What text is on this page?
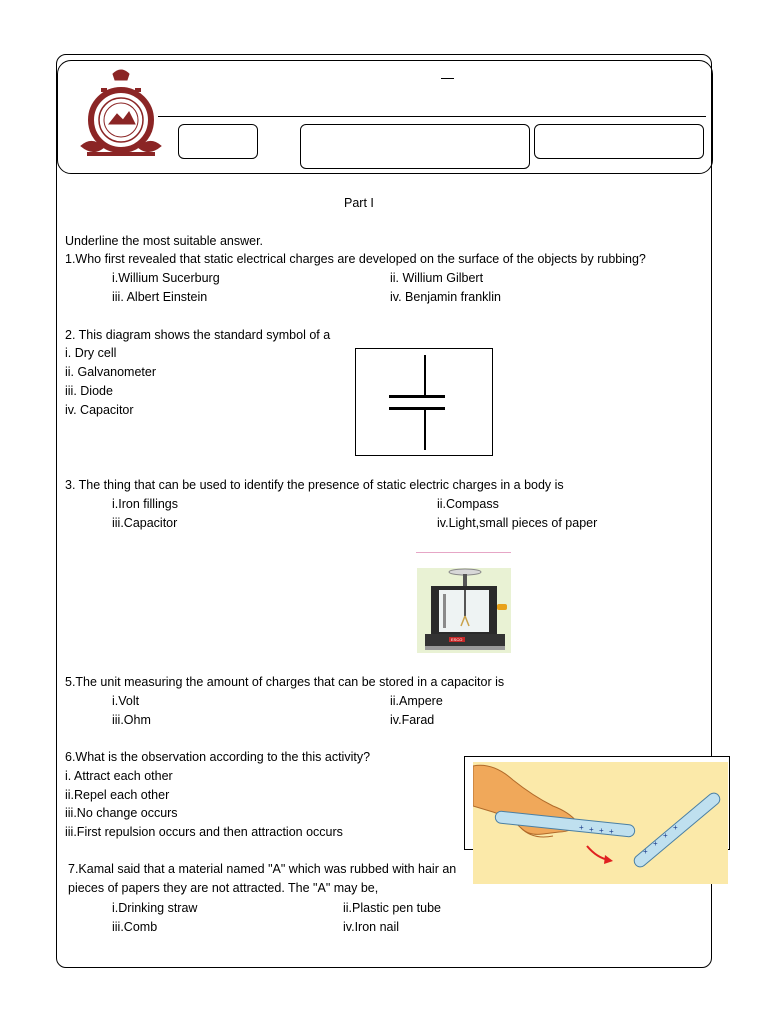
Part I
Underline the most suitable answer.
1.Who first revealed that static electrical charges are developed on the surface of the objects by rubbing?
i.Willium Sucerburg	ii. Willium Gilbert
iii. Albert Einstein	iv. Benjamin franklin
2. This diagram shows the standard symbol of a
i. Dry cell
ii. Galvanometer
iii. Diode
iv. Capacitor
3. The thing that can be used to identify the presence of static electric charges in a body is
i.Iron fillings	ii.Compass
iii.Capacitor	iv.Light,small pieces of paper
ESCO
5.The unit measuring the amount of charges that can be stored in a capacitor is
i.Volt	ii.Ampere
iii.Ohm	iv.Farad
6.What is the observation according to the this activity?
i. Attract each other
ii.Repel each other
iii.No change occurs
iii.First repulsion occurs and then attraction occurs
7.Kamal said that a material named "A" which was rubbed with hair an
pieces of papers they are not attracted. The "A" may be,
i.Drinking straw	ii.Plastic pen tube
iii.Comb	iv.Iron nail
+ + + +
+
+
+
+
